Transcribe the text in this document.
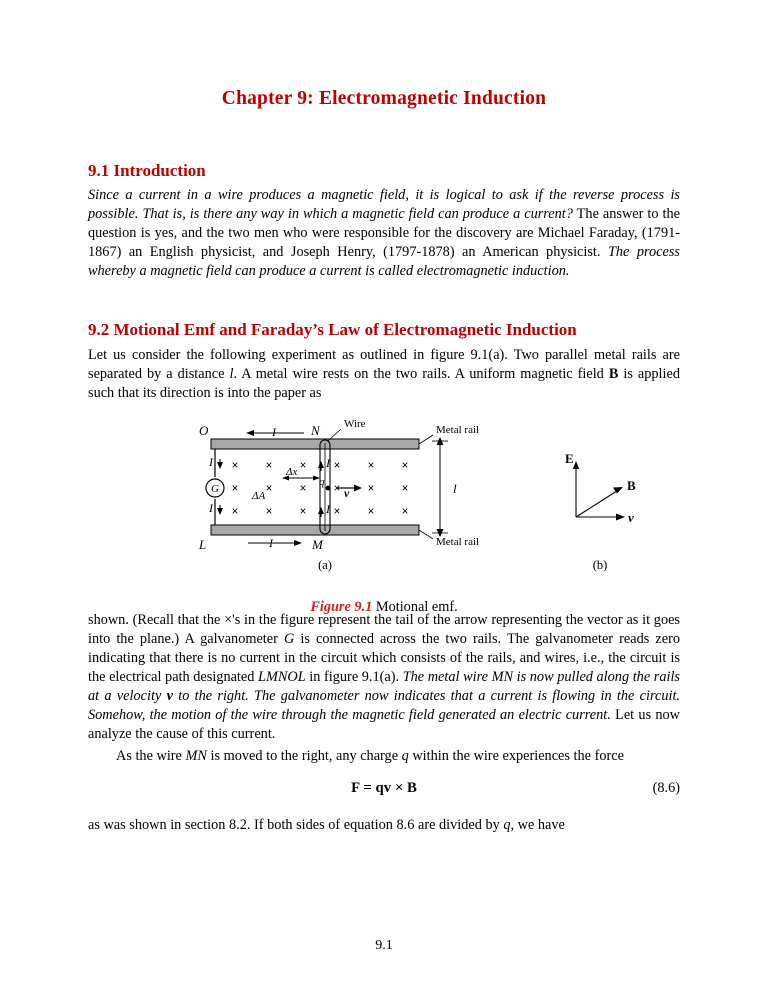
Chapter 9: Electromagnetic Induction
9.1 Introduction

Since a current in a wire produces a magnetic field, it is logical to ask if the reverse process is possible. That is, is there any way in which a magnetic field can produce a current? The answer to the question is yes, and the two men who were responsible for the discovery are Michael Faraday, (1791-1867) an English physicist, and Joseph Henry, (1797-1878) an American physicist. The process whereby a magnetic field can produce a current is called electromagnetic induction.

9.2 Motional Emf and Faraday’s Law of Electromagnetic Induction

Let us consider the following experiment as outlined in figure 9.1(a). Two parallel metal rails are separated by a distance l. A metal wire rests on the two rails. A uniform magnetic field B is applied such that its direction is into the paper as

G
× × × × × ×
× × × × × ×
× × × × × ×
Wire	Metal rail
Metal rail
O	N
L	M
I
I
I
I
I
I
Δx
ΔA
q
v	l
E
B
v
(a)	(b)
Figure 9.1 Motional emf.

shown. (Recall that the ×'s in the figure represent the tail of the arrow representing the vector as it goes into the plane.) A galvanometer G is connected across the two rails. The galvanometer reads zero indicating that there is no current in the circuit which consists of the rails, and wires, i.e., the circuit is the electrical path designated LMNOL in figure 9.1(a). The metal wire MN is now pulled along the rails at a velocity v to the right. The galvanometer now indicates that a current is flowing in the circuit. Somehow, the motion of the wire through the magnetic field generated an electric current. Let us now analyze the cause of this current.

As the wire MN is moved to the right, any charge q within the wire experiences the force

F = qv × B	(8.6)

as was shown in section 8.2. If both sides of equation 8.6 are divided by q, we have

9.1
